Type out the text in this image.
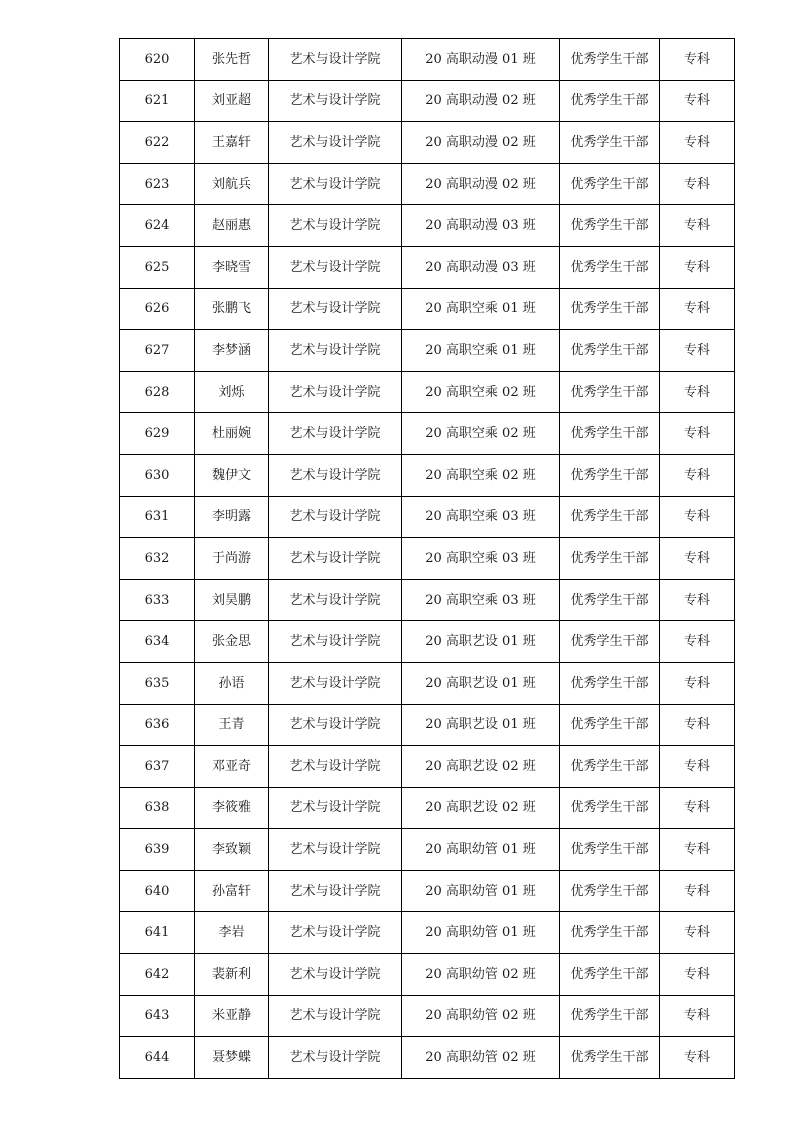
620	张先哲	艺术与设计学院	20 高职动漫 01 班	优秀学生干部	专科
621	刘亚超	艺术与设计学院	20 高职动漫 02 班	优秀学生干部	专科
622	王嘉轩	艺术与设计学院	20 高职动漫 02 班	优秀学生干部	专科
623	刘航兵	艺术与设计学院	20 高职动漫 02 班	优秀学生干部	专科
624	赵丽惠	艺术与设计学院	20 高职动漫 03 班	优秀学生干部	专科
625	李晓雪	艺术与设计学院	20 高职动漫 03 班	优秀学生干部	专科
626	张鹏飞	艺术与设计学院	20 高职空乘 01 班	优秀学生干部	专科
627	李梦涵	艺术与设计学院	20 高职空乘 01 班	优秀学生干部	专科
628	刘烁	艺术与设计学院	20 高职空乘 02 班	优秀学生干部	专科
629	杜丽婉	艺术与设计学院	20 高职空乘 02 班	优秀学生干部	专科
630	魏伊文	艺术与设计学院	20 高职空乘 02 班	优秀学生干部	专科
631	李明露	艺术与设计学院	20 高职空乘 03 班	优秀学生干部	专科
632	于尚游	艺术与设计学院	20 高职空乘 03 班	优秀学生干部	专科
633	刘昊鹏	艺术与设计学院	20 高职空乘 03 班	优秀学生干部	专科
634	张金思	艺术与设计学院	20 高职艺设 01 班	优秀学生干部	专科
635	孙语	艺术与设计学院	20 高职艺设 01 班	优秀学生干部	专科
636	王青	艺术与设计学院	20 高职艺设 01 班	优秀学生干部	专科
637	邓亚奇	艺术与设计学院	20 高职艺设 02 班	优秀学生干部	专科
638	李筱雅	艺术与设计学院	20 高职艺设 02 班	优秀学生干部	专科
639	李致颖	艺术与设计学院	20 高职幼管 01 班	优秀学生干部	专科
640	孙富轩	艺术与设计学院	20 高职幼管 01 班	优秀学生干部	专科
641	李岩	艺术与设计学院	20 高职幼管 01 班	优秀学生干部	专科
642	裴新利	艺术与设计学院	20 高职幼管 02 班	优秀学生干部	专科
643	米亚静	艺术与设计学院	20 高职幼管 02 班	优秀学生干部	专科
644	聂梦蝶	艺术与设计学院	20 高职幼管 02 班	优秀学生干部	专科
